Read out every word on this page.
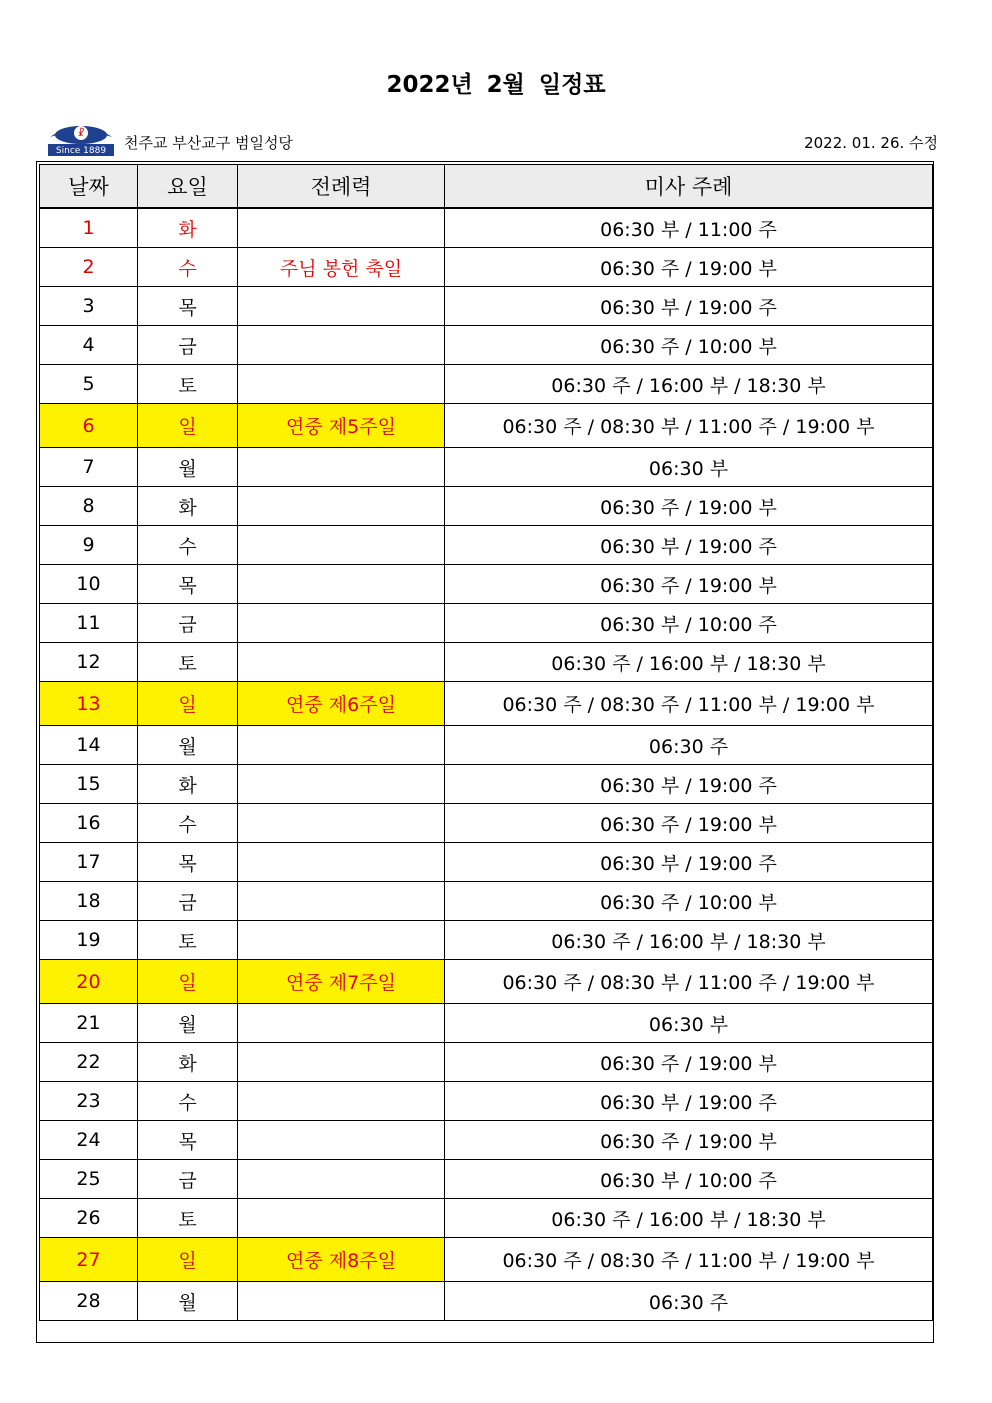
2022년 2월 일정표
☧
Since 1889 천주교 부산교구 범일성당	2022. 01. 26. 수정
날짜	요일	전례력	미사 주례
1	화		06:30 부 / 11:00 주
2	수	주님 봉헌 축일	06:30 주 / 19:00 부
3	목		06:30 부 / 19:00 주
4	금		06:30 주 / 10:00 부
5	토		06:30 주 / 16:00 부 / 18:30 부
6	일	연중 제5주일	06:30 주 / 08:30 부 / 11:00 주 / 19:00 부
7	월		06:30 부
8	화		06:30 주 / 19:00 부
9	수		06:30 부 / 19:00 주
10	목		06:30 주 / 19:00 부
11	금		06:30 부 / 10:00 주
12	토		06:30 주 / 16:00 부 / 18:30 부
13	일	연중 제6주일	06:30 주 / 08:30 주 / 11:00 부 / 19:00 부
14	월		06:30 주
15	화		06:30 부 / 19:00 주
16	수		06:30 주 / 19:00 부
17	목		06:30 부 / 19:00 주
18	금		06:30 주 / 10:00 부
19	토		06:30 주 / 16:00 부 / 18:30 부
20	일	연중 제7주일	06:30 주 / 08:30 부 / 11:00 주 / 19:00 부
21	월		06:30 부
22	화		06:30 주 / 19:00 부
23	수		06:30 부 / 19:00 주
24	목		06:30 주 / 19:00 부
25	금		06:30 부 / 10:00 주
26	토		06:30 주 / 16:00 부 / 18:30 부
27	일	연중 제8주일	06:30 주 / 08:30 주 / 11:00 부 / 19:00 부
28	월		06:30 주
